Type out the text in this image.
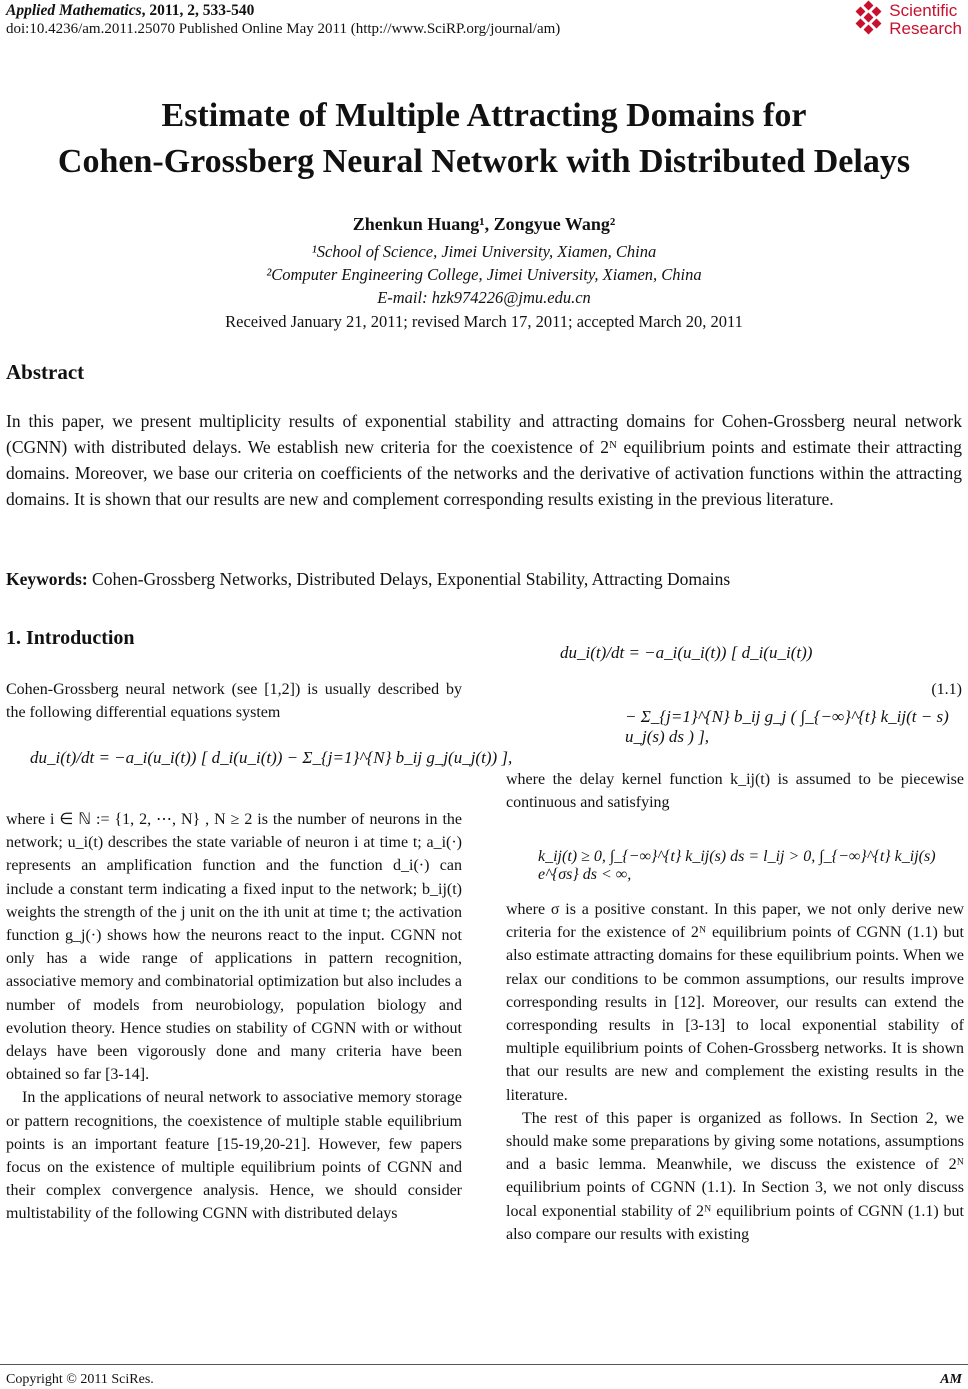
Applied Mathematics, 2011, 2, 533-540
doi:10.4236/am.2011.25070 Published Online May 2011 (http://www.SciRP.org/journal/am)
Scientific
Research
Estimate of Multiple Attracting Domains for
Cohen-Grossberg Neural Network with Distributed Delays
Zhenkun Huang¹, Zongyue Wang²
¹School of Science, Jimei University, Xiamen, China
²Computer Engineering College, Jimei University, Xiamen, China
E-mail: hzk974226@jmu.edu.cn
Received January 21, 2011; revised March 17, 2011; accepted March 20, 2011
Abstract
In this paper, we present multiplicity results of exponential stability and attracting domains for Cohen-Grossberg neural network (CGNN) with distributed delays. We establish new criteria for the coexistence of 2ᴺ equilibrium points and estimate their attracting domains. Moreover, we base our criteria on coefficients of the networks and the derivative of activation functions within the attracting domains. It is shown that our results are new and complement corresponding results existing in the previous literature.
Keywords: Cohen-Grossberg Networks, Distributed Delays, Exponential Stability, Attracting Domains
1. Introduction

Cohen-Grossberg neural network (see [1,2]) is usually described by the following differential equations system

du_i(t)/dt = −a_i(u_i(t)) [ d_i(u_i(t)) − Σ_{j=1}^{N} b_ij g_j(u_j(t)) ],

where i ∈ ℕ := {1, 2, ⋯, N} , N ≥ 2 is the number of neurons in the network; u_i(t) describes the state variable of neuron i at time t; a_i(·) represents an amplification function and the function d_i(·) can include a constant term indicating a fixed input to the network; b_ij(t) weights the strength of the j unit on the ith unit at time t; the activation function g_j(·) shows how the neurons react to the input. CGNN not only has a wide range of applications in pattern recognition, associative memory and combinatorial optimization but also includes a number of models from neurobiology, population biology and evolution theory. Hence studies on stability of CGNN with or without delays have been vigorously done and many criteria have been obtained so far [3-14].

In the applications of neural network to associative memory storage or pattern recognitions, the coexistence of multiple stable equilibrium points is an important feature [15-19,20-21]. However, few papers focus on the existence of multiple equilibrium points of CGNN and their complex convergence analysis. Hence, we should consider multistability of the following CGNN with distributed delays

du_i(t)/dt = −a_i(u_i(t)) [ d_i(u_i(t))
− Σ_{j=1}^{N} b_ij g_j ( ∫_{−∞}^{t} k_ij(t − s) u_j(s) ds ) ],
(1.1)

where the delay kernel function k_ij(t) is assumed to be piecewise continuous and satisfying

k_ij(t) ≥ 0, ∫_{−∞}^{t} k_ij(s) ds = l_ij > 0, ∫_{−∞}^{t} k_ij(s) e^{σs} ds < ∞,

where σ is a positive constant. In this paper, we not only derive new criteria for the existence of 2ᴺ equilibrium points of CGNN (1.1) but also estimate attracting domains for these equilibrium points. When we relax our conditions to be common assumptions, our results improve corresponding results in [12]. Moreover, our results can extend the corresponding results in [3-13] to local exponential stability of multiple equilibrium points of Cohen-Grossberg networks. It is shown that our results are new and complement the existing results in the literature.

The rest of this paper is organized as follows. In Section 2, we should make some preparations by giving some notations, assumptions and a basic lemma. Meanwhile, we discuss the existence of 2ᴺ equilibrium points of CGNN (1.1). In Section 3, we not only discuss local exponential stability of 2ᴺ equilibrium points of CGNN (1.1) but also compare our results with existing

Copyright © 2011 SciRes.	AM
